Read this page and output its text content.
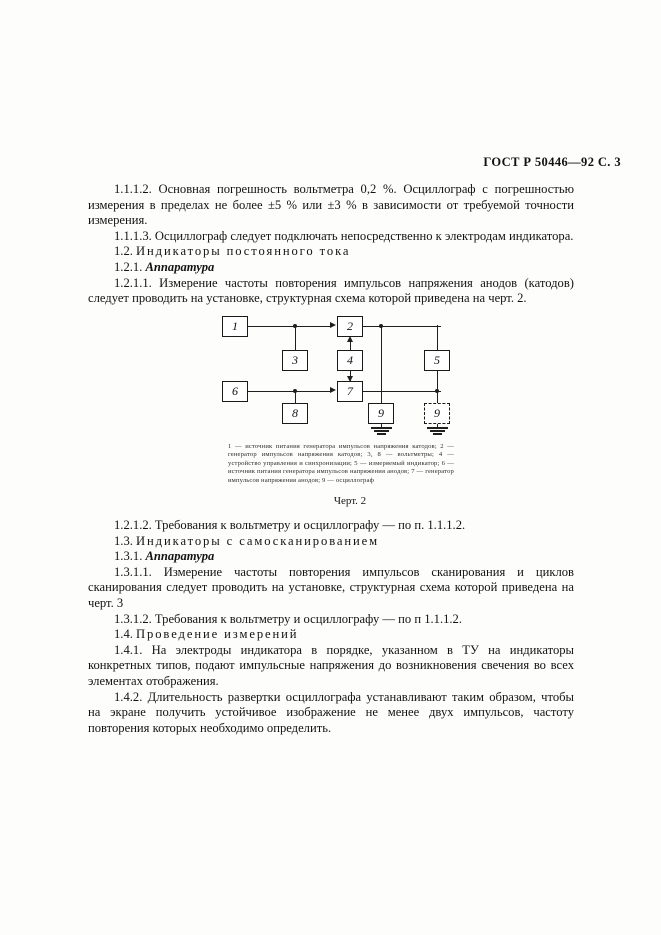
ГОСТ Р 50446—92 С. 3

1.1.1.2. Основная погрешность вольтметра 0,2 %. Осциллограф с погрешностью измерения в пределах не более ±5 % или ±3 % в зависимости от требуемой точности измерения.

1.1.1.3. Осциллограф следует подключать непосредственно к электродам индикатора.

1.2. Индикаторы постоянного тока

1.2.1. Аппаратура

1.2.1.1. Измерение частоты повторения импульсов напряжения анодов (катодов) следует проводить на установке, структурная схема которой приведена на черт. 2.

1	2
3	4	5
6	7
8	9	9
1 — источник питания генератора импульсов напряжения катодов; 2 — генератор импульсов напряжения катодов; 3, 8 — вольтметры; 4 — устройство управления и синхронизации; 5 — измеряемый индикатор; 6 — источник питания генератора импульсов напряжения анодов; 7 — генератор импульсов напряжения анодов; 9 — осциллограф
Черт. 2

1.2.1.2. Требования к вольтметру и осциллографу — по п. 1.1.1.2.

1.3. Индикаторы с самосканированием

1.3.1. Аппаратура

1.3.1.1. Измерение частоты повторения импульсов сканирования и циклов сканирования следует проводить на установке, структурная схема которой приведена на черт. 3

1.3.1.2. Требования к вольтметру и осциллографу — по п 1.1.1.2.

1.4. Проведение измерений

1.4.1. На электроды индикатора в порядке, указанном в ТУ на индикаторы конкретных типов, подают импульсные напряжения до возникновения свечения во всех элементах отображения.

1.4.2. Длительность развертки осциллографа устанавливают таким образом, чтобы на экране получить устойчивое изображение не менее двух импульсов, частоту повторения которых необходимо определить.
